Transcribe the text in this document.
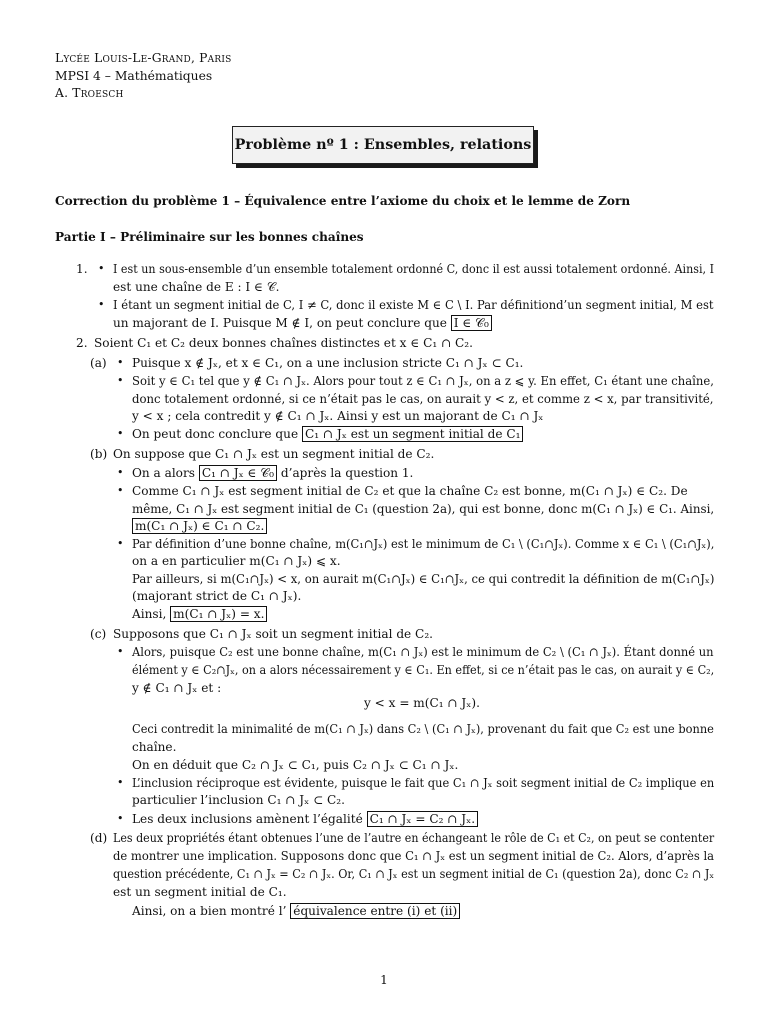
Lycée Louis-Le-Grand, Paris
MPSI 4 – Mathématiques
A. Troesch
Problème nº 1 : Ensembles, relations
Correction du problème 1 – Équivalence entre l’axiome du choix et le lemme de Zorn
Partie I – Préliminaire sur les bonnes chaînes
1. • I est un sous-ensemble d’un ensemble totalement ordonné C, donc il est aussi totalement ordonné. Ainsi, I
est une chaîne de E : I ∈ 𝒞.
• I étant un segment initial de C, I ≠ C, donc il existe M ∈ C \ I. Par définitiond’un segment initial, M est
un majorant de I. Puisque M ∉ I, on peut conclure que I ∈ 𝒞₀
2. Soient C₁ et C₂ deux bonnes chaînes distinctes et x ∈ C₁ ∩ C₂.
(a) • Puisque x ∉ Jₓ, et x ∈ C₁, on a une inclusion stricte C₁ ∩ Jₓ ⊂ C₁.
• Soit y ∈ C₁ tel que y ∉ C₁ ∩ Jₓ. Alors pour tout z ∈ C₁ ∩ Jₓ, on a z ⩽ y. En effet, C₁ étant une chaîne,
donc totalement ordonné, si ce n’était pas le cas, on aurait y < z, et comme z < x, par transitivité,
y < x ; cela contredit y ∉ C₁ ∩ Jₓ. Ainsi y est un majorant de C₁ ∩ Jₓ
• On peut donc conclure que C₁ ∩ Jₓ est un segment initial de C₁
(b) On suppose que C₁ ∩ Jₓ est un segment initial de C₂.
• On a alors C₁ ∩ Jₓ ∈ 𝒞₀ d’après la question 1.
• Comme C₁ ∩ Jₓ est segment initial de C₂ et que la chaîne C₂ est bonne, m(C₁ ∩ Jₓ) ∈ C₂. De
même, C₁ ∩ Jₓ est segment initial de C₁ (question 2a), qui est bonne, donc m(C₁ ∩ Jₓ) ∈ C₁. Ainsi,
m(C₁ ∩ Jₓ) ∈ C₁ ∩ C₂.
• Par définition d’une bonne chaîne, m(C₁∩Jₓ) est le minimum de C₁ \ (C₁∩Jₓ). Comme x ∈ C₁ \ (C₁∩Jₓ),
on a en particulier m(C₁ ∩ Jₓ) ⩽ x.
Par ailleurs, si m(C₁∩Jₓ) < x, on aurait m(C₁∩Jₓ) ∈ C₁∩Jₓ, ce qui contredit la définition de m(C₁∩Jₓ)
(majorant strict de C₁ ∩ Jₓ).
Ainsi, m(C₁ ∩ Jₓ) = x.
(c) Supposons que C₁ ∩ Jₓ soit un segment initial de C₂.
• Alors, puisque C₂ est une bonne chaîne, m(C₁ ∩ Jₓ) est le minimum de C₂ \ (C₁ ∩ Jₓ). Étant donné un
élément y ∈ C₂∩Jₓ, on a alors nécessairement y ∈ C₁. En effet, si ce n’était pas le cas, on aurait y ∈ C₂,
y ∉ C₁ ∩ Jₓ et :
y < x = m(C₁ ∩ Jₓ).
Ceci contredit la minimalité de m(C₁ ∩ Jₓ) dans C₂ \ (C₁ ∩ Jₓ), provenant du fait que C₂ est une bonne
chaîne.
On en déduit que C₂ ∩ Jₓ ⊂ C₁, puis C₂ ∩ Jₓ ⊂ C₁ ∩ Jₓ.
• L’inclusion réciproque est évidente, puisque le fait que C₁ ∩ Jₓ soit segment initial de C₂ implique en
particulier l’inclusion C₁ ∩ Jₓ ⊂ C₂.
• Les deux inclusions amènent l’égalité C₁ ∩ Jₓ = C₂ ∩ Jₓ.
(d) Les deux propriétés étant obtenues l’une de l’autre en échangeant le rôle de C₁ et C₂, on peut se contenter
de montrer une implication. Supposons donc que C₁ ∩ Jₓ est un segment initial de C₂. Alors, d’après la
question précédente, C₁ ∩ Jₓ = C₂ ∩ Jₓ. Or, C₁ ∩ Jₓ est un segment initial de C₁ (question 2a), donc C₂ ∩ Jₓ
est un segment initial de C₁.
Ainsi, on a bien montré l’ équivalence entre (i) et (ii)
1
